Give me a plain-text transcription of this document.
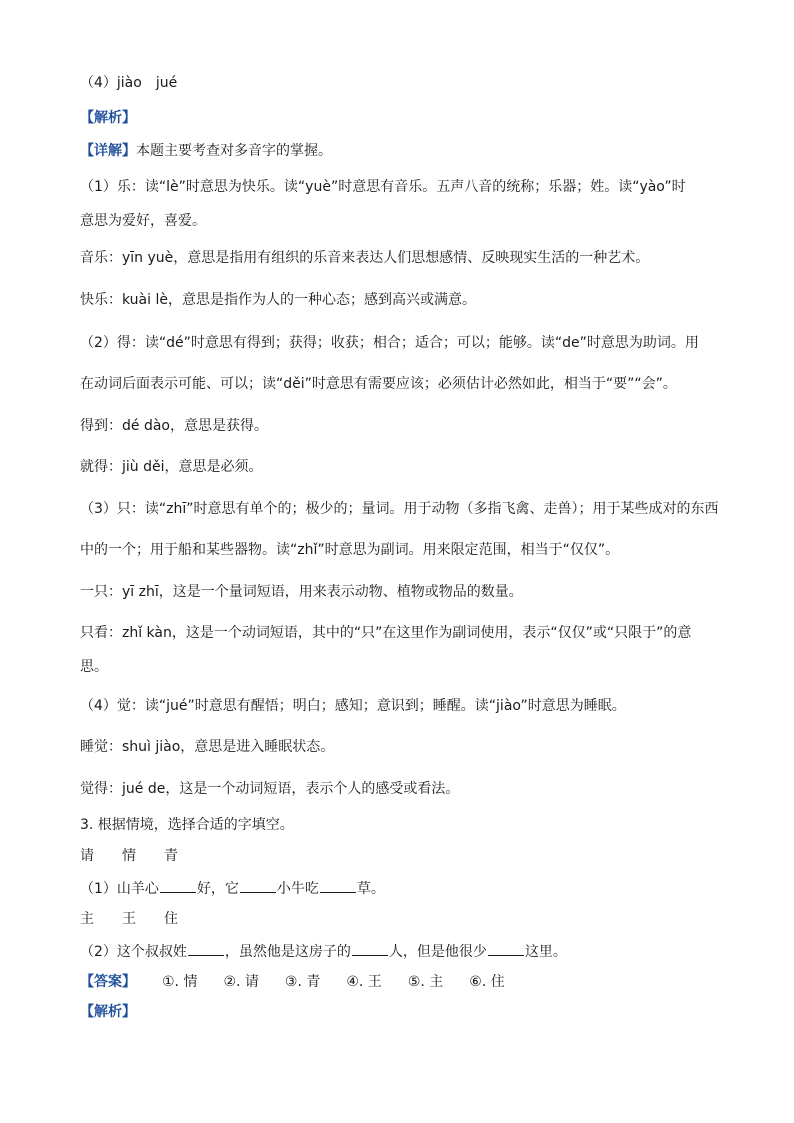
（4）jiào　jué
【解析】
【详解】本题主要考查对多音字的掌握。
（1）乐：读“lè”时意思为快乐。读“yuè”时意思有音乐。五声八音的统称；乐器；姓。读“yào”时
意思为爱好，喜爱。
音乐：yīn yuè，意思是指用有组织的乐音来表达人们思想感情、反映现实生活的一种艺术。
快乐：kuài lè，意思是指作为人的一种心态；感到高兴或满意。
（2）得：读“dé”时意思有得到；获得；收获；相合；适合；可以；能够。读“de”时意思为助词。用
在动词后面表示可能、可以；读“děi”时意思有需要应该；必须估计必然如此，相当于“要”“会”。
得到：dé dào，意思是获得。
就得：jiù děi，意思是必须。
（3）只：读“zhī”时意思有单个的；极少的；量词。用于动物（多指飞禽、走兽）；用于某些成对的东西
中的一个；用于船和某些器物。读“zhǐ”时意思为副词。用来限定范围，相当于“仅仅”。
一只：yī zhī，这是一个量词短语，用来表示动物、植物或物品的数量。
只看：zhǐ kàn，这是一个动词短语，其中的“只”在这里作为副词使用，表示“仅仅”或“只限于”的意
思。
（4）觉：读“jué”时意思有醒悟；明白；感知；意识到；睡醒。读“jiào”时意思为睡眠。
睡觉：shuì jiào，意思是进入睡眠状态。
觉得：jué de，这是一个动词短语，表示个人的感受或看法。
3. 根据情境，选择合适的字填空。
请　　情　　青
（1）山羊心	好，它	小牛吃	草。
主　　王　　住
（2）这个叔叔姓	，虽然他是这房子的	人，但是他很少	这里。
【答案】 ①. 情 ②. 请 ③. 青 ④. 王 ⑤. 主 ⑥. 住
【解析】
